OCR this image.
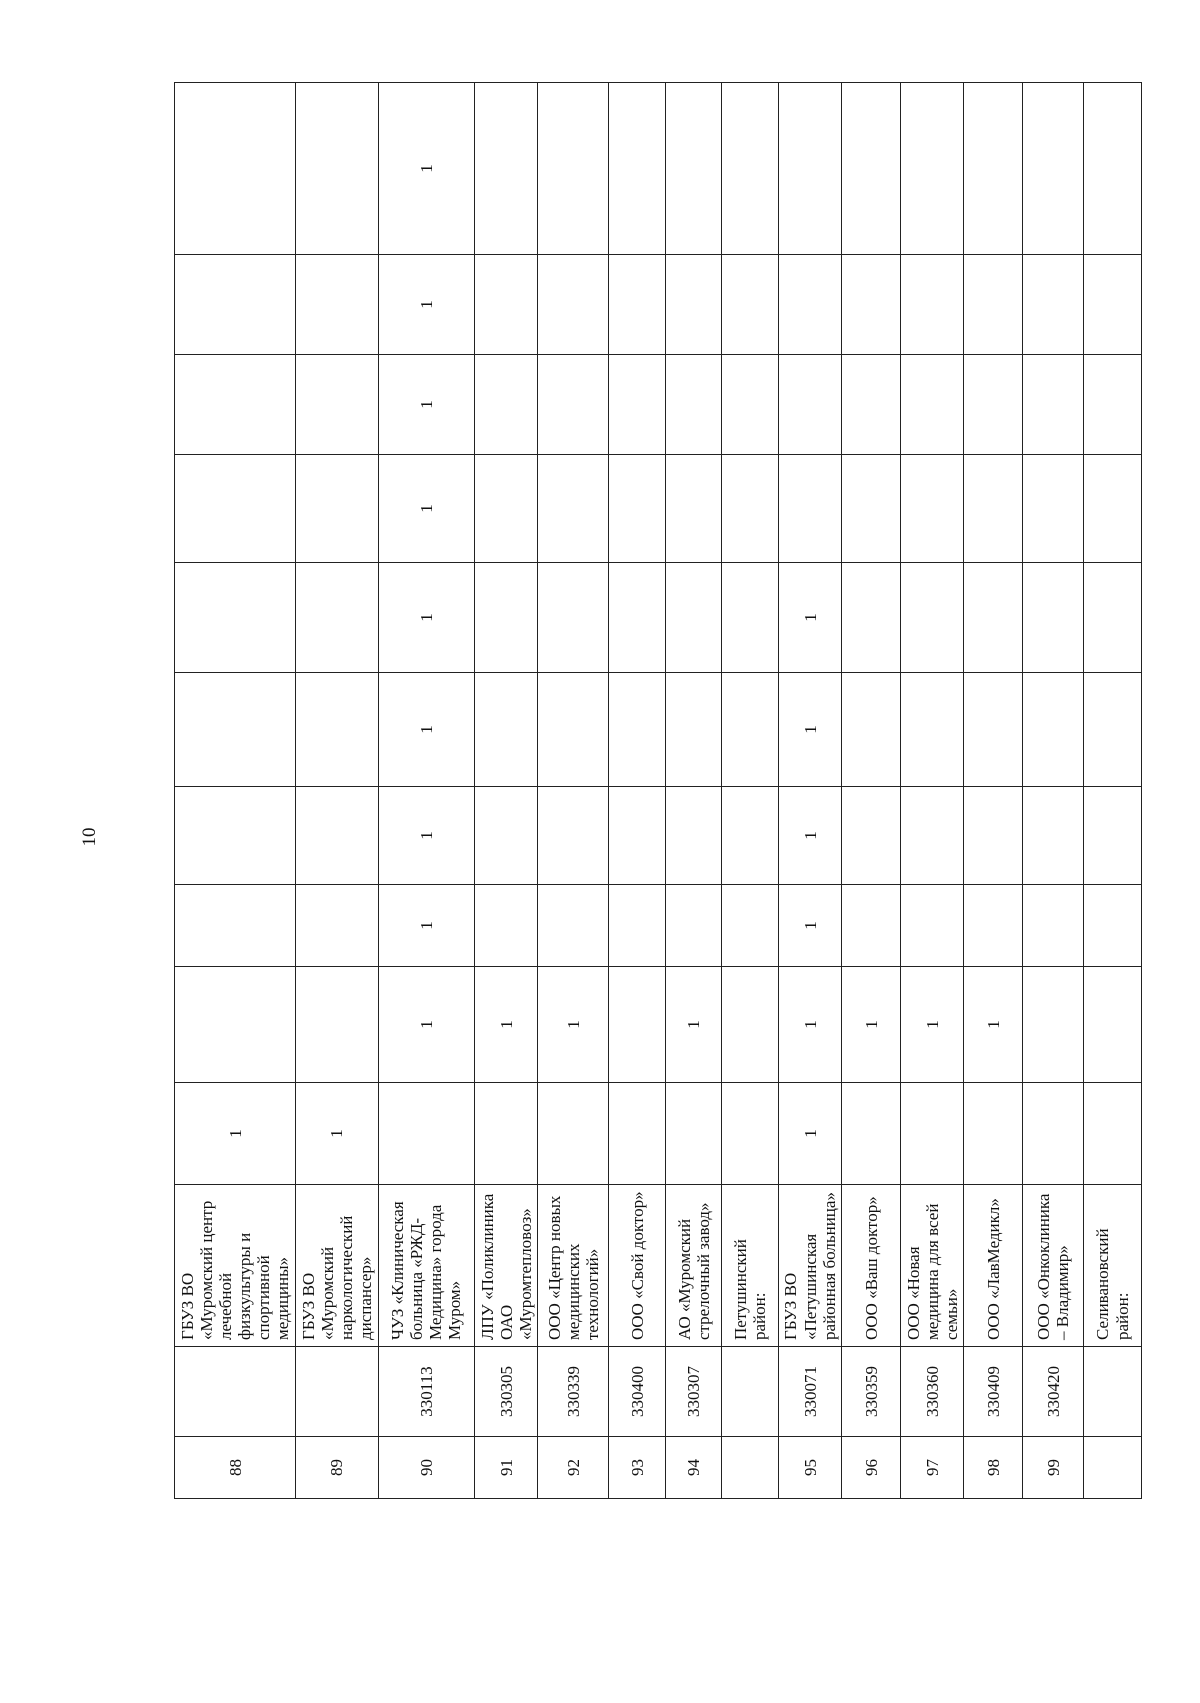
10
88		ГБУЗ ВО «Муромский центр лечебной физкультуры и спортивной медицины»	1									
89		ГБУЗ ВО «Муромский наркологический диспансер»	1									
90	330113	ЧУЗ «Клиническая больница «РЖД-Медицина» города Муром»		1	1	1	1	1	1	1	1	1
91	330305	ЛПУ «Поликлиника ОАО «Муромтепловоз»		1								
92	330339	ООО «Центр новых медицинских технологий»		1								
93	330400	ООО «Свой доктор»										
94	330307	АО «Муромский стрелочный завод»		1								
		Петушинский район:										
95	330071	ГБУЗ ВО «Петушинская районная больница»	1	1	1	1	1	1				
96	330359	ООО «Ваш доктор»		1								
97	330360	ООО «Новая медицина для всей семьи»		1								
98	330409	ООО «ЛавМедикл»		1								
99	330420	ООО «Онкоклиника – Владимир»										
		Селивановский район:										
